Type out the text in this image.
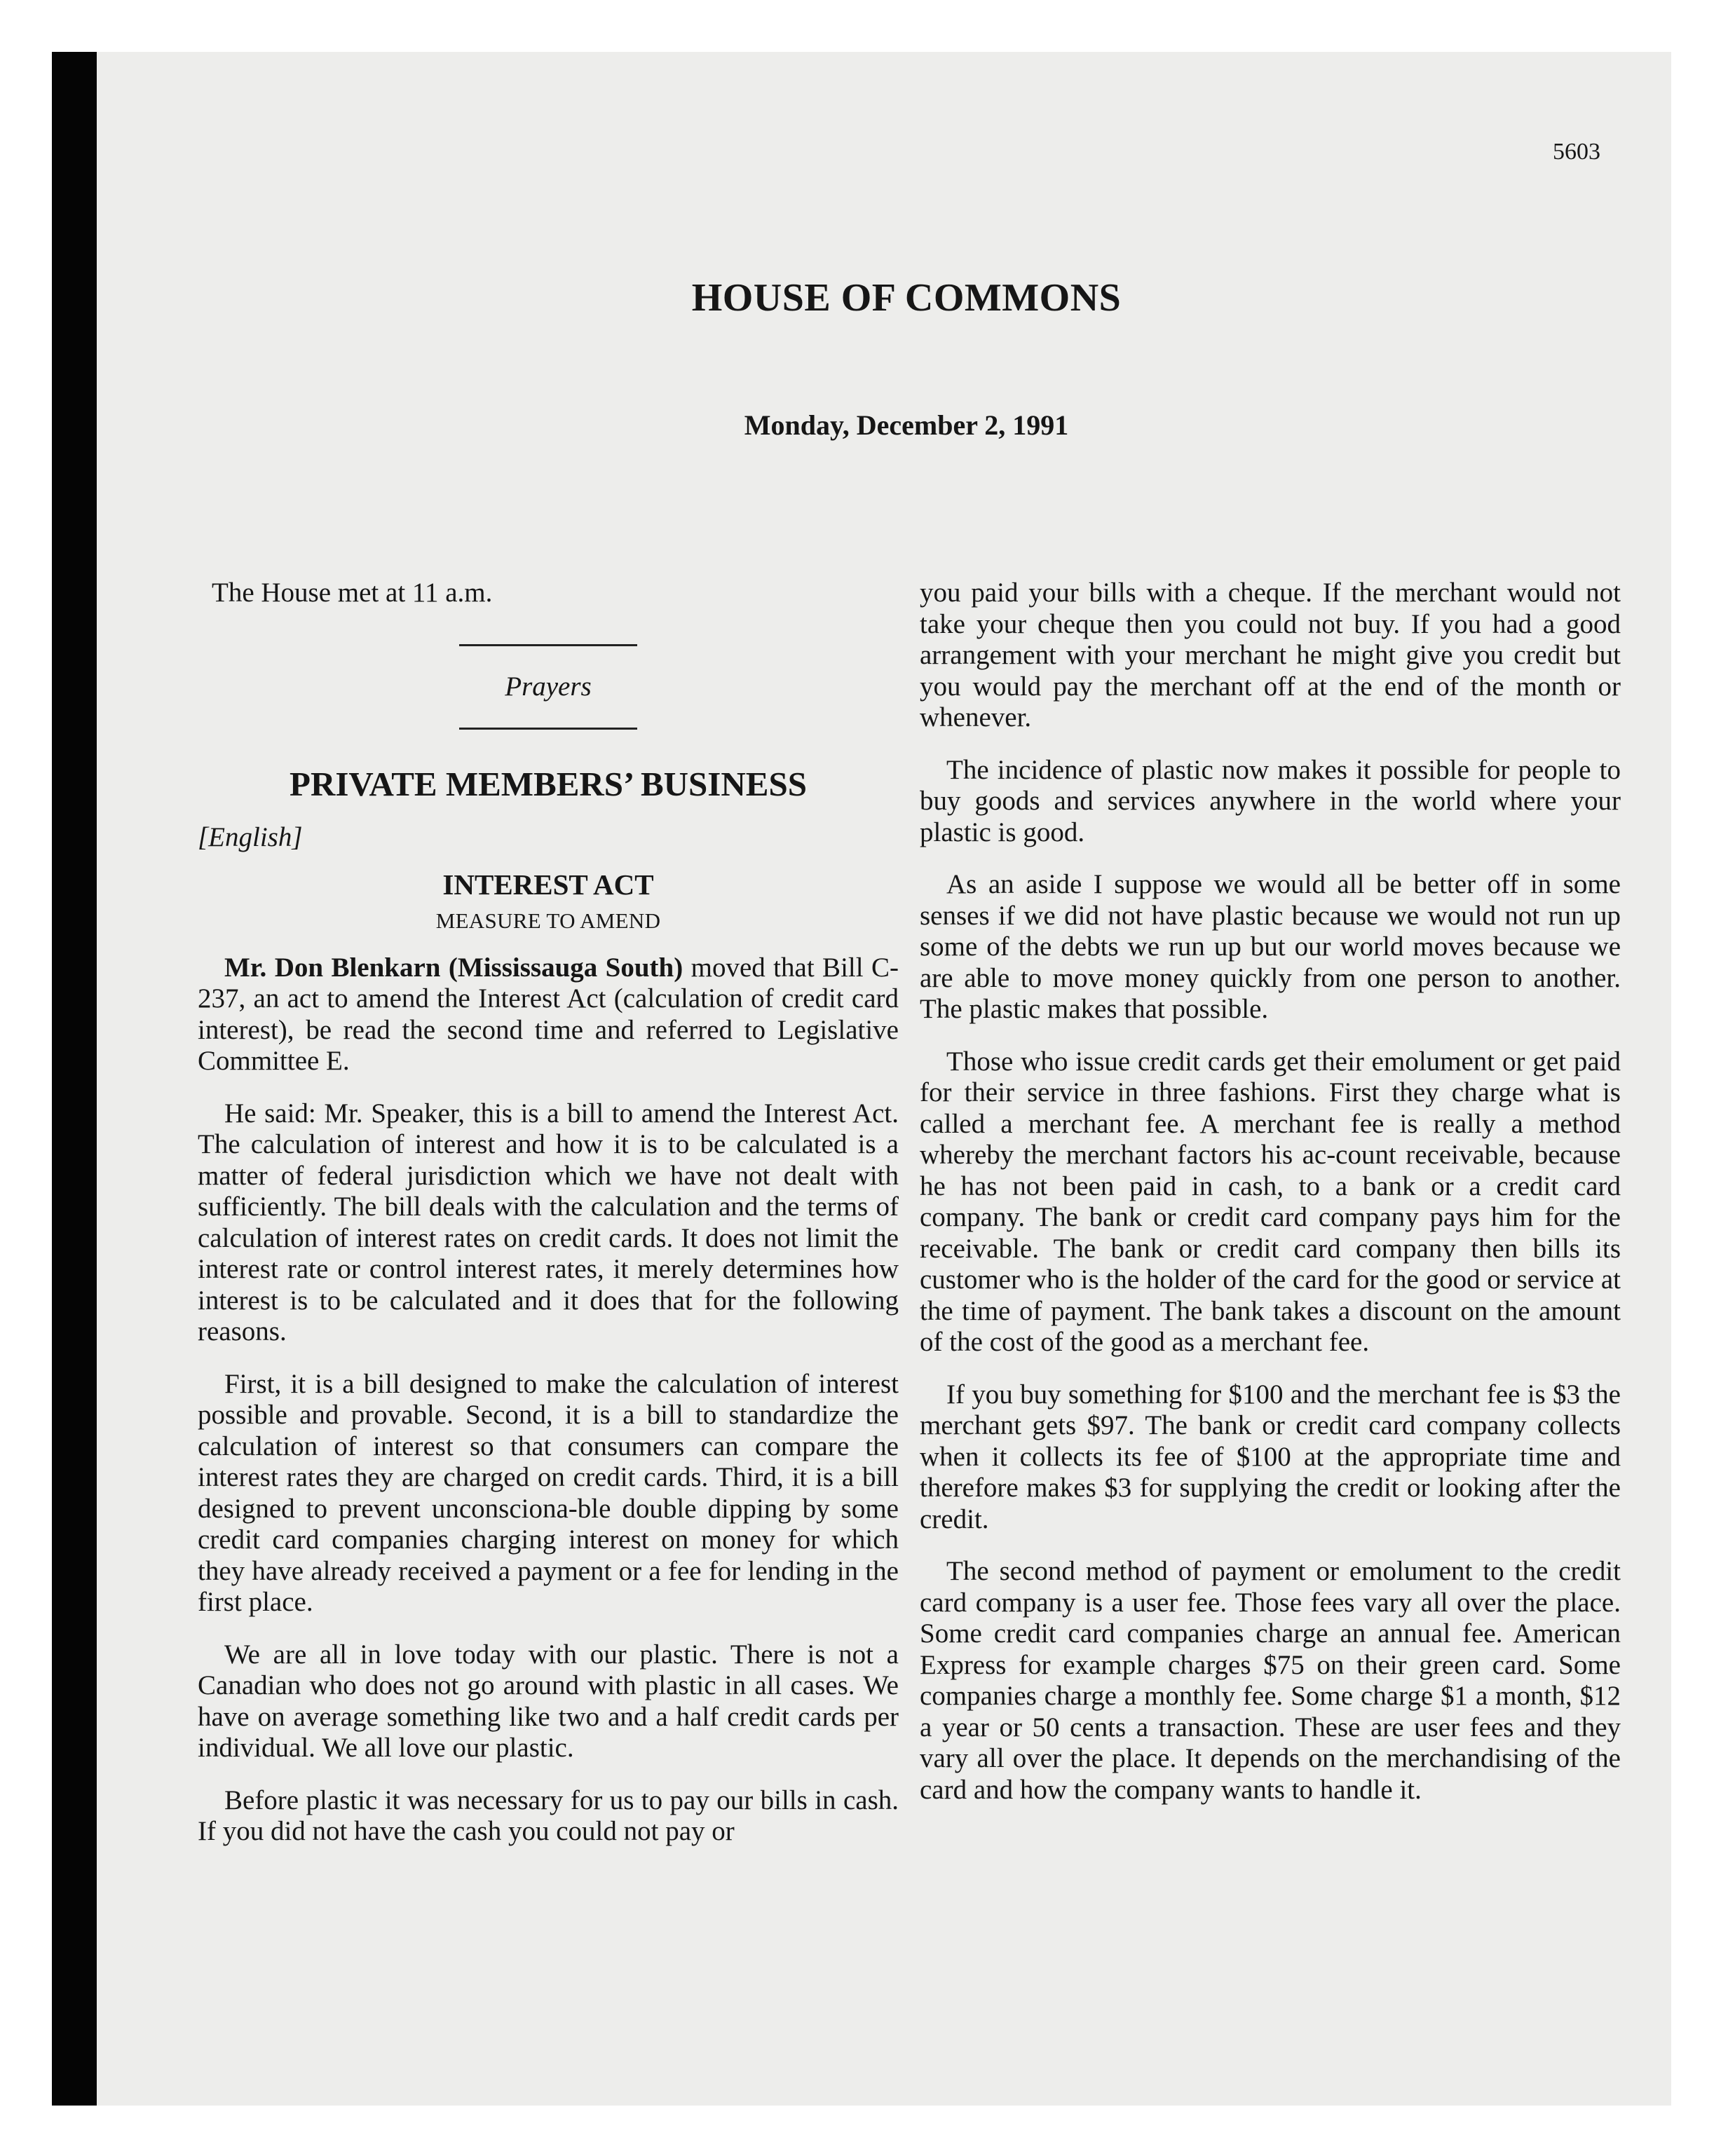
5603
HOUSE OF COMMONS
Monday, December 2, 1991

The House met at 11 a.m.

Prayers

PRIVATE MEMBERS’ BUSINESS

[English]

INTEREST ACT

MEASURE TO AMEND

Mr. Don Blenkarn (Mississauga South) moved that Bill C-237, an act to amend the Interest Act (calculation of credit card interest), be read the second time and referred to Legislative Committee E.

He said: Mr. Speaker, this is a bill to amend the Interest Act. The calculation of interest and how it is to be calculated is a matter of federal jurisdiction which we have not dealt with sufficiently. The bill deals with the calculation and the terms of calculation of interest rates on credit cards. It does not limit the interest rate or control interest rates, it merely determines how interest is to be calculated and it does that for the following reasons.

First, it is a bill designed to make the calculation of interest possible and provable. Second, it is a bill to standardize the calculation of interest so that consumers can compare the interest rates they are charged on credit cards. Third, it is a bill designed to prevent unconsciona-ble double dipping by some credit card companies charging interest on money for which they have already received a payment or a fee for lending in the first place.

We are all in love today with our plastic. There is not a Canadian who does not go around with plastic in all cases. We have on average something like two and a half credit cards per individual. We all love our plastic.

Before plastic it was necessary for us to pay our bills in cash. If you did not have the cash you could not pay or

you paid your bills with a cheque. If the merchant would not take your cheque then you could not buy. If you had a good arrangement with your merchant he might give you credit but you would pay the merchant off at the end of the month or whenever.

The incidence of plastic now makes it possible for people to buy goods and services anywhere in the world where your plastic is good.

As an aside I suppose we would all be better off in some senses if we did not have plastic because we would not run up some of the debts we run up but our world moves because we are able to move money quickly from one person to another. The plastic makes that possible.

Those who issue credit cards get their emolument or get paid for their service in three fashions. First they charge what is called a merchant fee. A merchant fee is really a method whereby the merchant factors his ac-count receivable, because he has not been paid in cash, to a bank or a credit card company. The bank or credit card company pays him for the receivable. The bank or credit card company then bills its customer who is the holder of the card for the good or service at the time of payment. The bank takes a discount on the amount of the cost of the good as a merchant fee.

If you buy something for $100 and the merchant fee is $3 the merchant gets $97. The bank or credit card company collects when it collects its fee of $100 at the appropriate time and therefore makes $3 for supplying the credit or looking after the credit.

The second method of payment or emolument to the credit card company is a user fee. Those fees vary all over the place. Some credit card companies charge an annual fee. American Express for example charges $75 on their green card. Some companies charge a monthly fee. Some charge $1 a month, $12 a year or 50 cents a transaction. These are user fees and they vary all over the place. It depends on the merchandising of the card and how the company wants to handle it.
